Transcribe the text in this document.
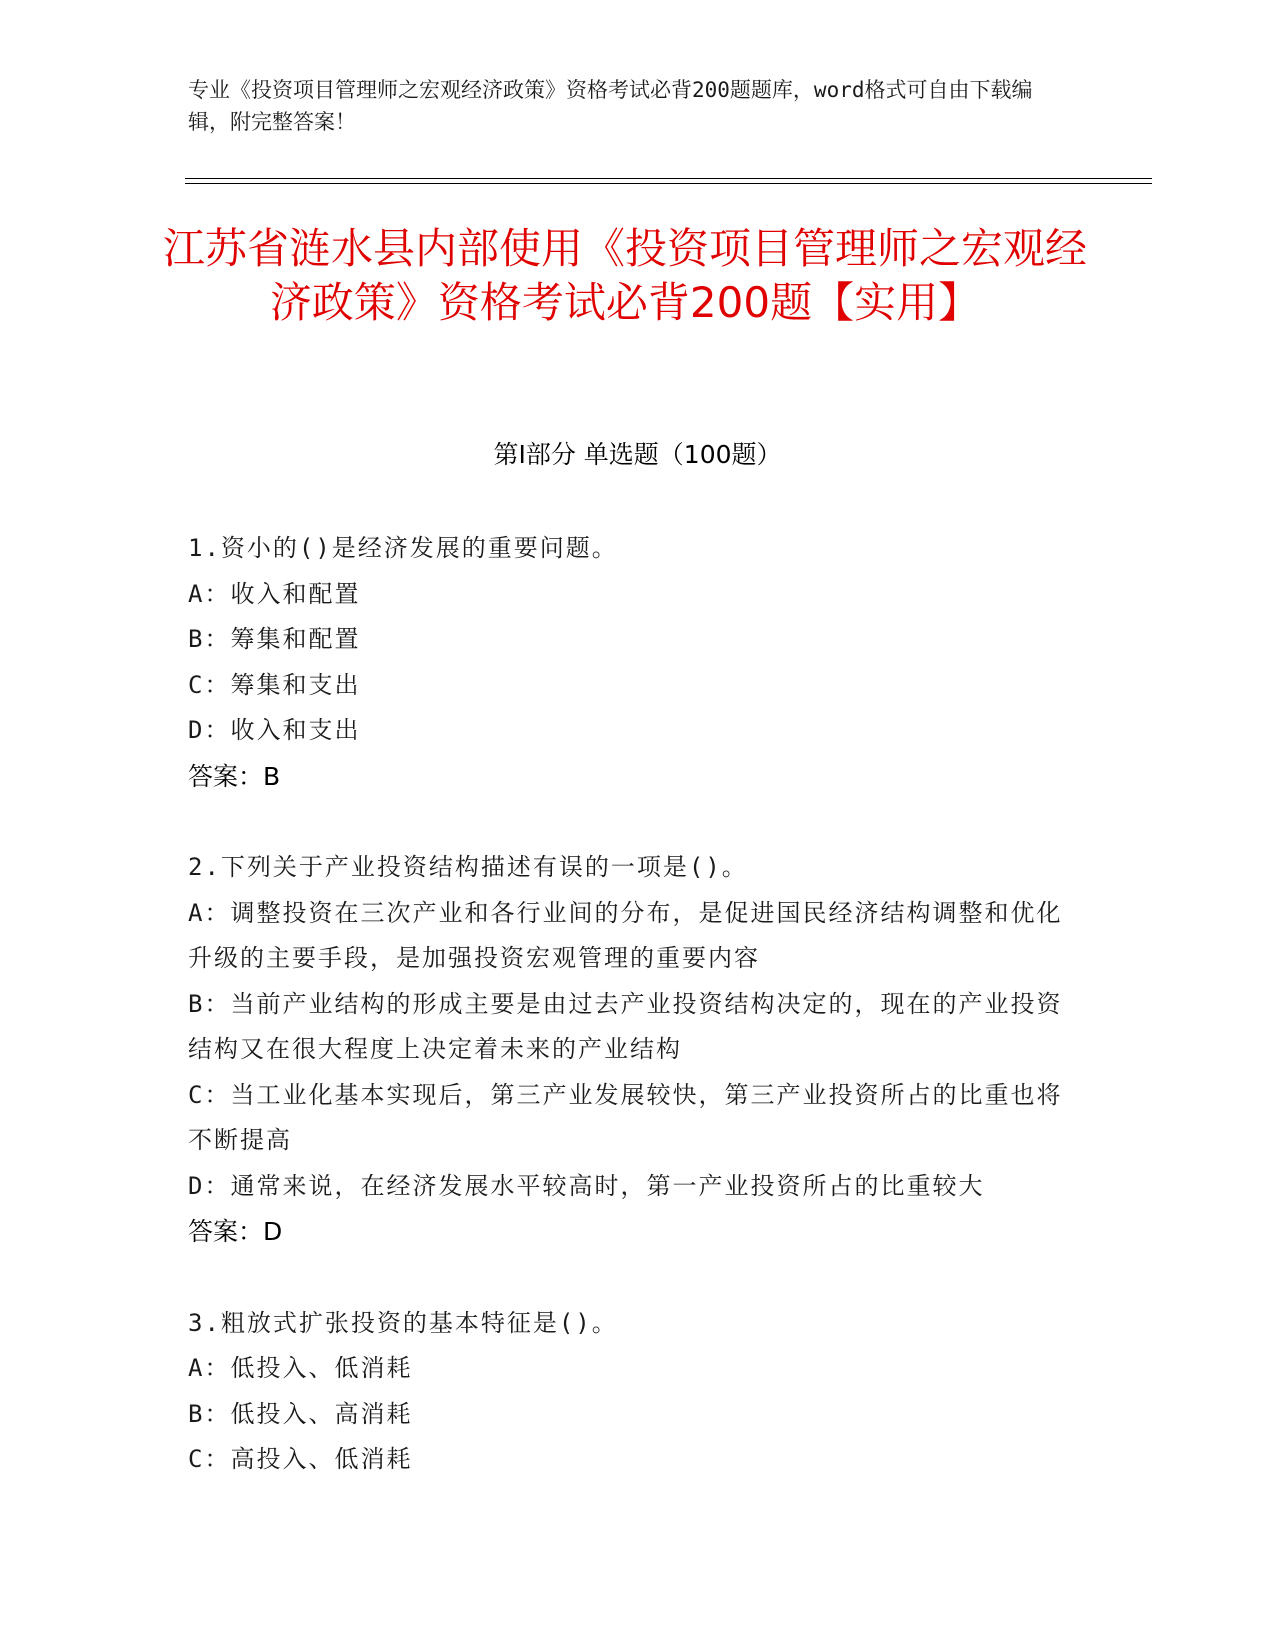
专业《投资项目管理师之宏观经济政策》资格考试必背200题题库，word格式可自由下载编辑，附完整答案！
江苏省涟水县内部使用《投资项目管理师之宏观经济政策》资格考试必背200题【实用】
第Ⅰ部分 单选题（100题）
1.资小的()是经济发展的重要问题。
A：收入和配置
B：筹集和配置
C：筹集和支出
D：收入和支出
答案：B
2.下列关于产业投资结构描述有误的一项是()。
A：调整投资在三次产业和各行业间的分布，是促进国民经济结构调整和优化升级的主要手段，是加强投资宏观管理的重要内容
B：当前产业结构的形成主要是由过去产业投资结构决定的，现在的产业投资结构又在很大程度上决定着未来的产业结构
C：当工业化基本实现后，第三产业发展较快，第三产业投资所占的比重也将不断提高
D：通常来说，在经济发展水平较高时，第一产业投资所占的比重较大
答案：D
3.粗放式扩张投资的基本特征是()。
A：低投入、低消耗
B：低投入、高消耗
C：高投入、低消耗
